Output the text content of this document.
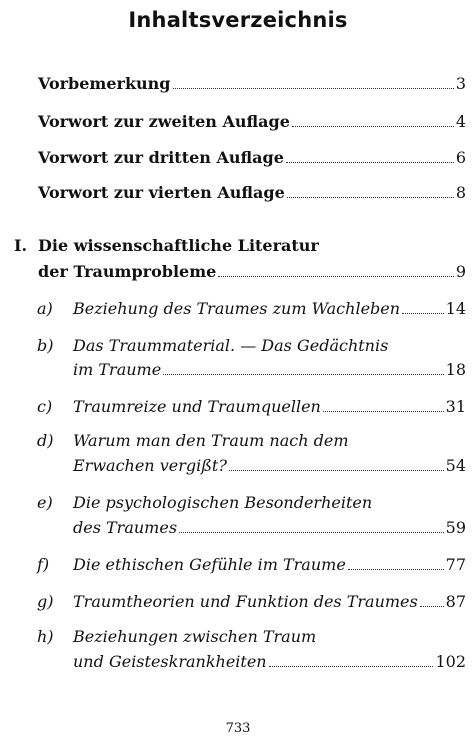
Inhaltsverzeichnis
Vorbemerkung	3
Vorwort zur zweiten Auflage	4
Vorwort zur dritten Auflage	6
Vorwort zur vierten Auflage	8
I. Die wissenschaftliche Literatur
der Traumprobleme	9
a) Beziehung des Traumes zum Wachleben	14
b) Das Traummaterial. — Das Gedächtnis
im Traume	18
c) Traumreize und Traumquellen	31
d) Warum man den Traum nach dem
Erwachen vergißt?	54
e) Die psychologischen Besonderheiten
des Traumes	59
f) Die ethischen Gefühle im Traume	77
g) Traumtheorien und Funktion des Traumes 87
h) Beziehungen zwischen Traum
und Geisteskrankheiten	102
733
